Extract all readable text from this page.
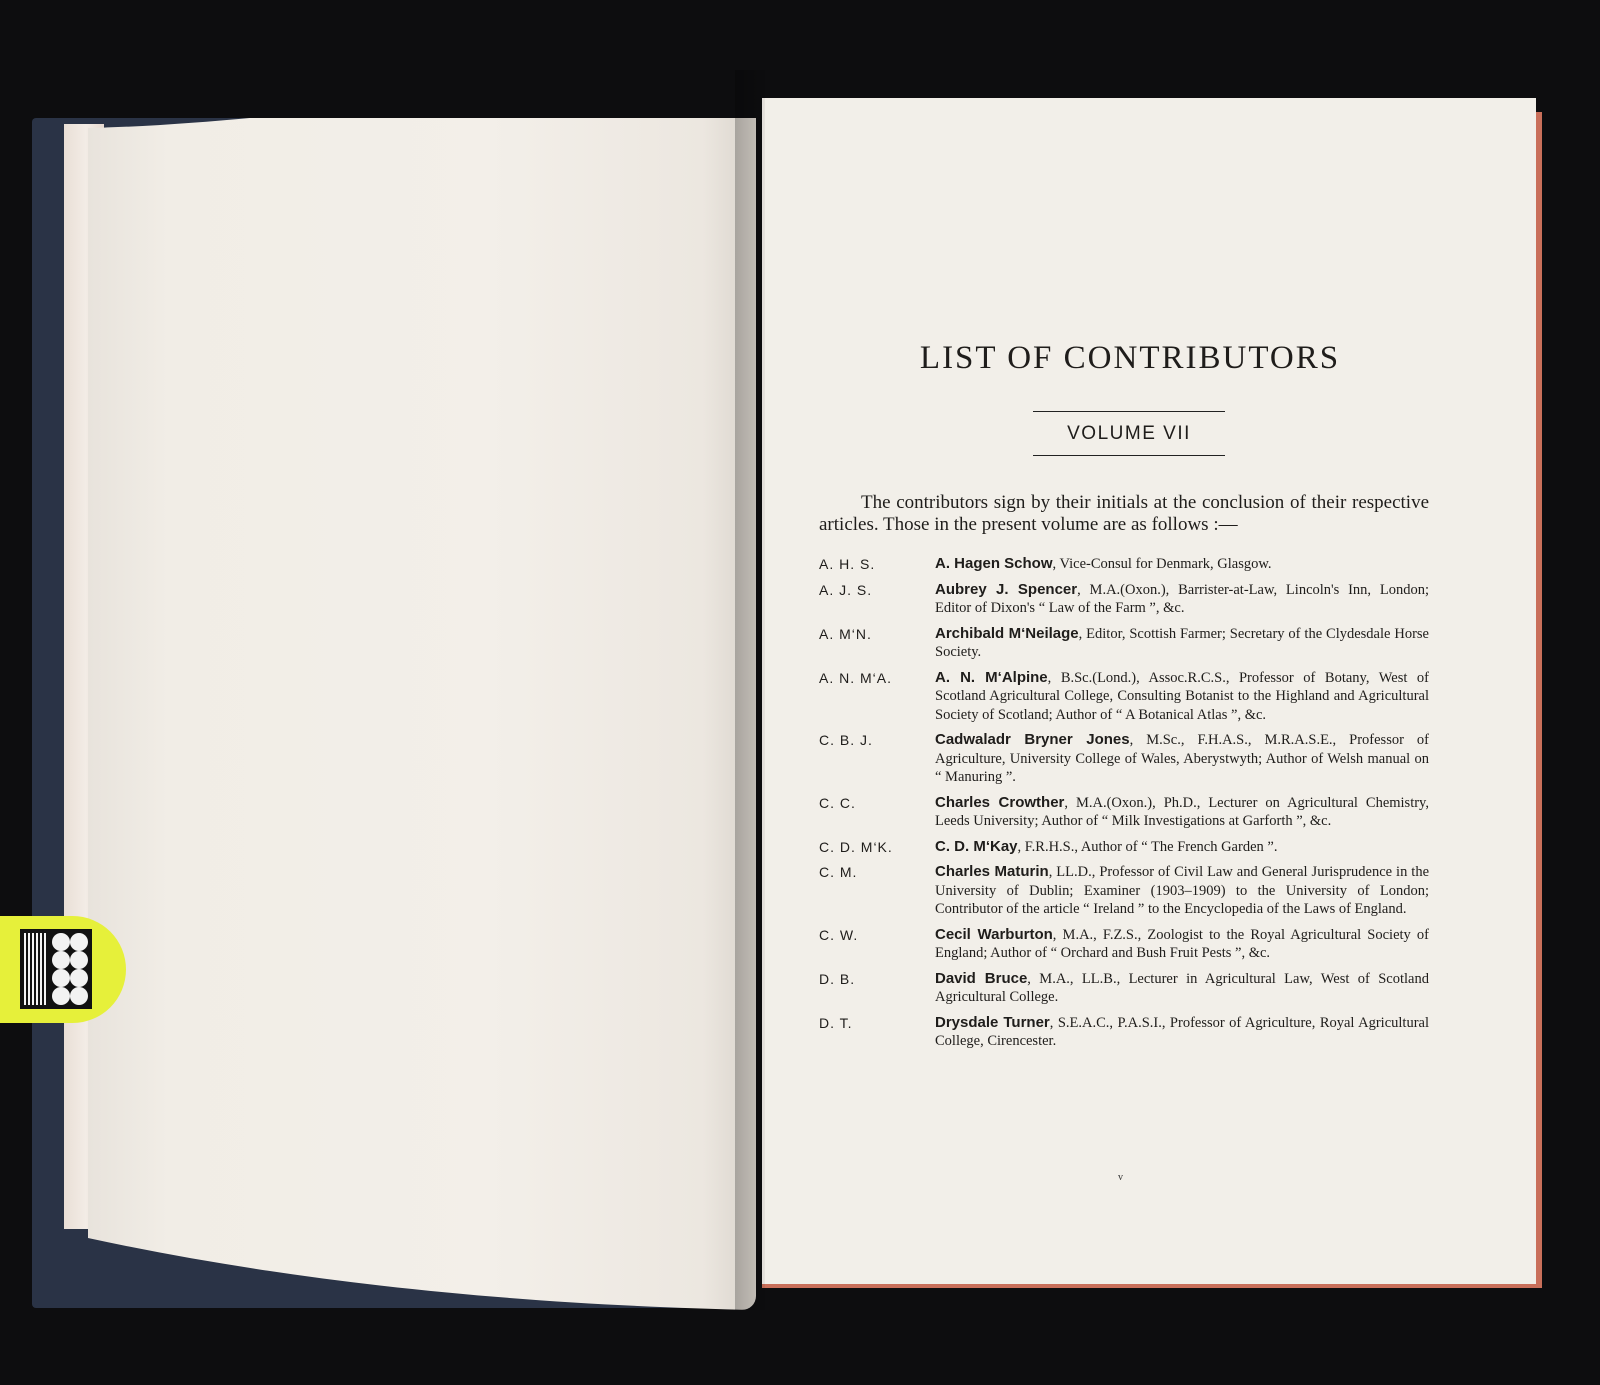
LIST OF CONTRIBUTORS
VOLUME VII

The contributors sign by their initials at the conclusion of their respective articles. Those in the present volume are as follows :—

A. H. S.	A. Hagen Schow, Vice-Consul for Denmark, Glasgow.
A. J. S.	Aubrey J. Spencer, M.A.(Oxon.), Barrister-at-Law, Lincoln's Inn, London; Editor of Dixon's “ Law of the Farm ”, &c.
A. M‘N.	Archibald M‘Neilage, Editor, Scottish Farmer; Secretary of the Clydesdale Horse Society.
A. N. M‘A.	A. N. M‘Alpine, B.Sc.(Lond.), Assoc.R.C.S., Professor of Botany, West of Scotland Agricultural College, Consulting Botanist to the Highland and Agricultural Society of Scotland; Author of “ A Botanical Atlas ”, &c.
C. B. J.	Cadwaladr Bryner Jones, M.Sc., F.H.A.S., M.R.A.S.E., Professor of Agriculture, University College of Wales, Aberystwyth; Author of Welsh manual on “ Manuring ”.
C. C.	Charles Crowther, M.A.(Oxon.), Ph.D., Lecturer on Agricultural Chemistry, Leeds University; Author of “ Milk Investigations at Garforth ”, &c.
C. D. M‘K.	C. D. M‘Kay, F.R.H.S., Author of “ The French Garden ”.
C. M.	Charles Maturin, LL.D., Professor of Civil Law and General Jurisprudence in the University of Dublin; Examiner (1903–1909) to the University of London; Contributor of the article “ Ireland ” to the Encyclopedia of the Laws of England.
C. W.	Cecil Warburton, M.A., F.Z.S., Zoologist to the Royal Agricultural Society of England; Author of “ Orchard and Bush Fruit Pests ”, &c.
D. B.	David Bruce, M.A., LL.B., Lecturer in Agricultural Law, West of Scotland Agricultural College.
D. T.	Drysdale Turner, S.E.A.C., P.A.S.I., Professor of Agriculture, Royal Agricultural College, Cirencester.
v
